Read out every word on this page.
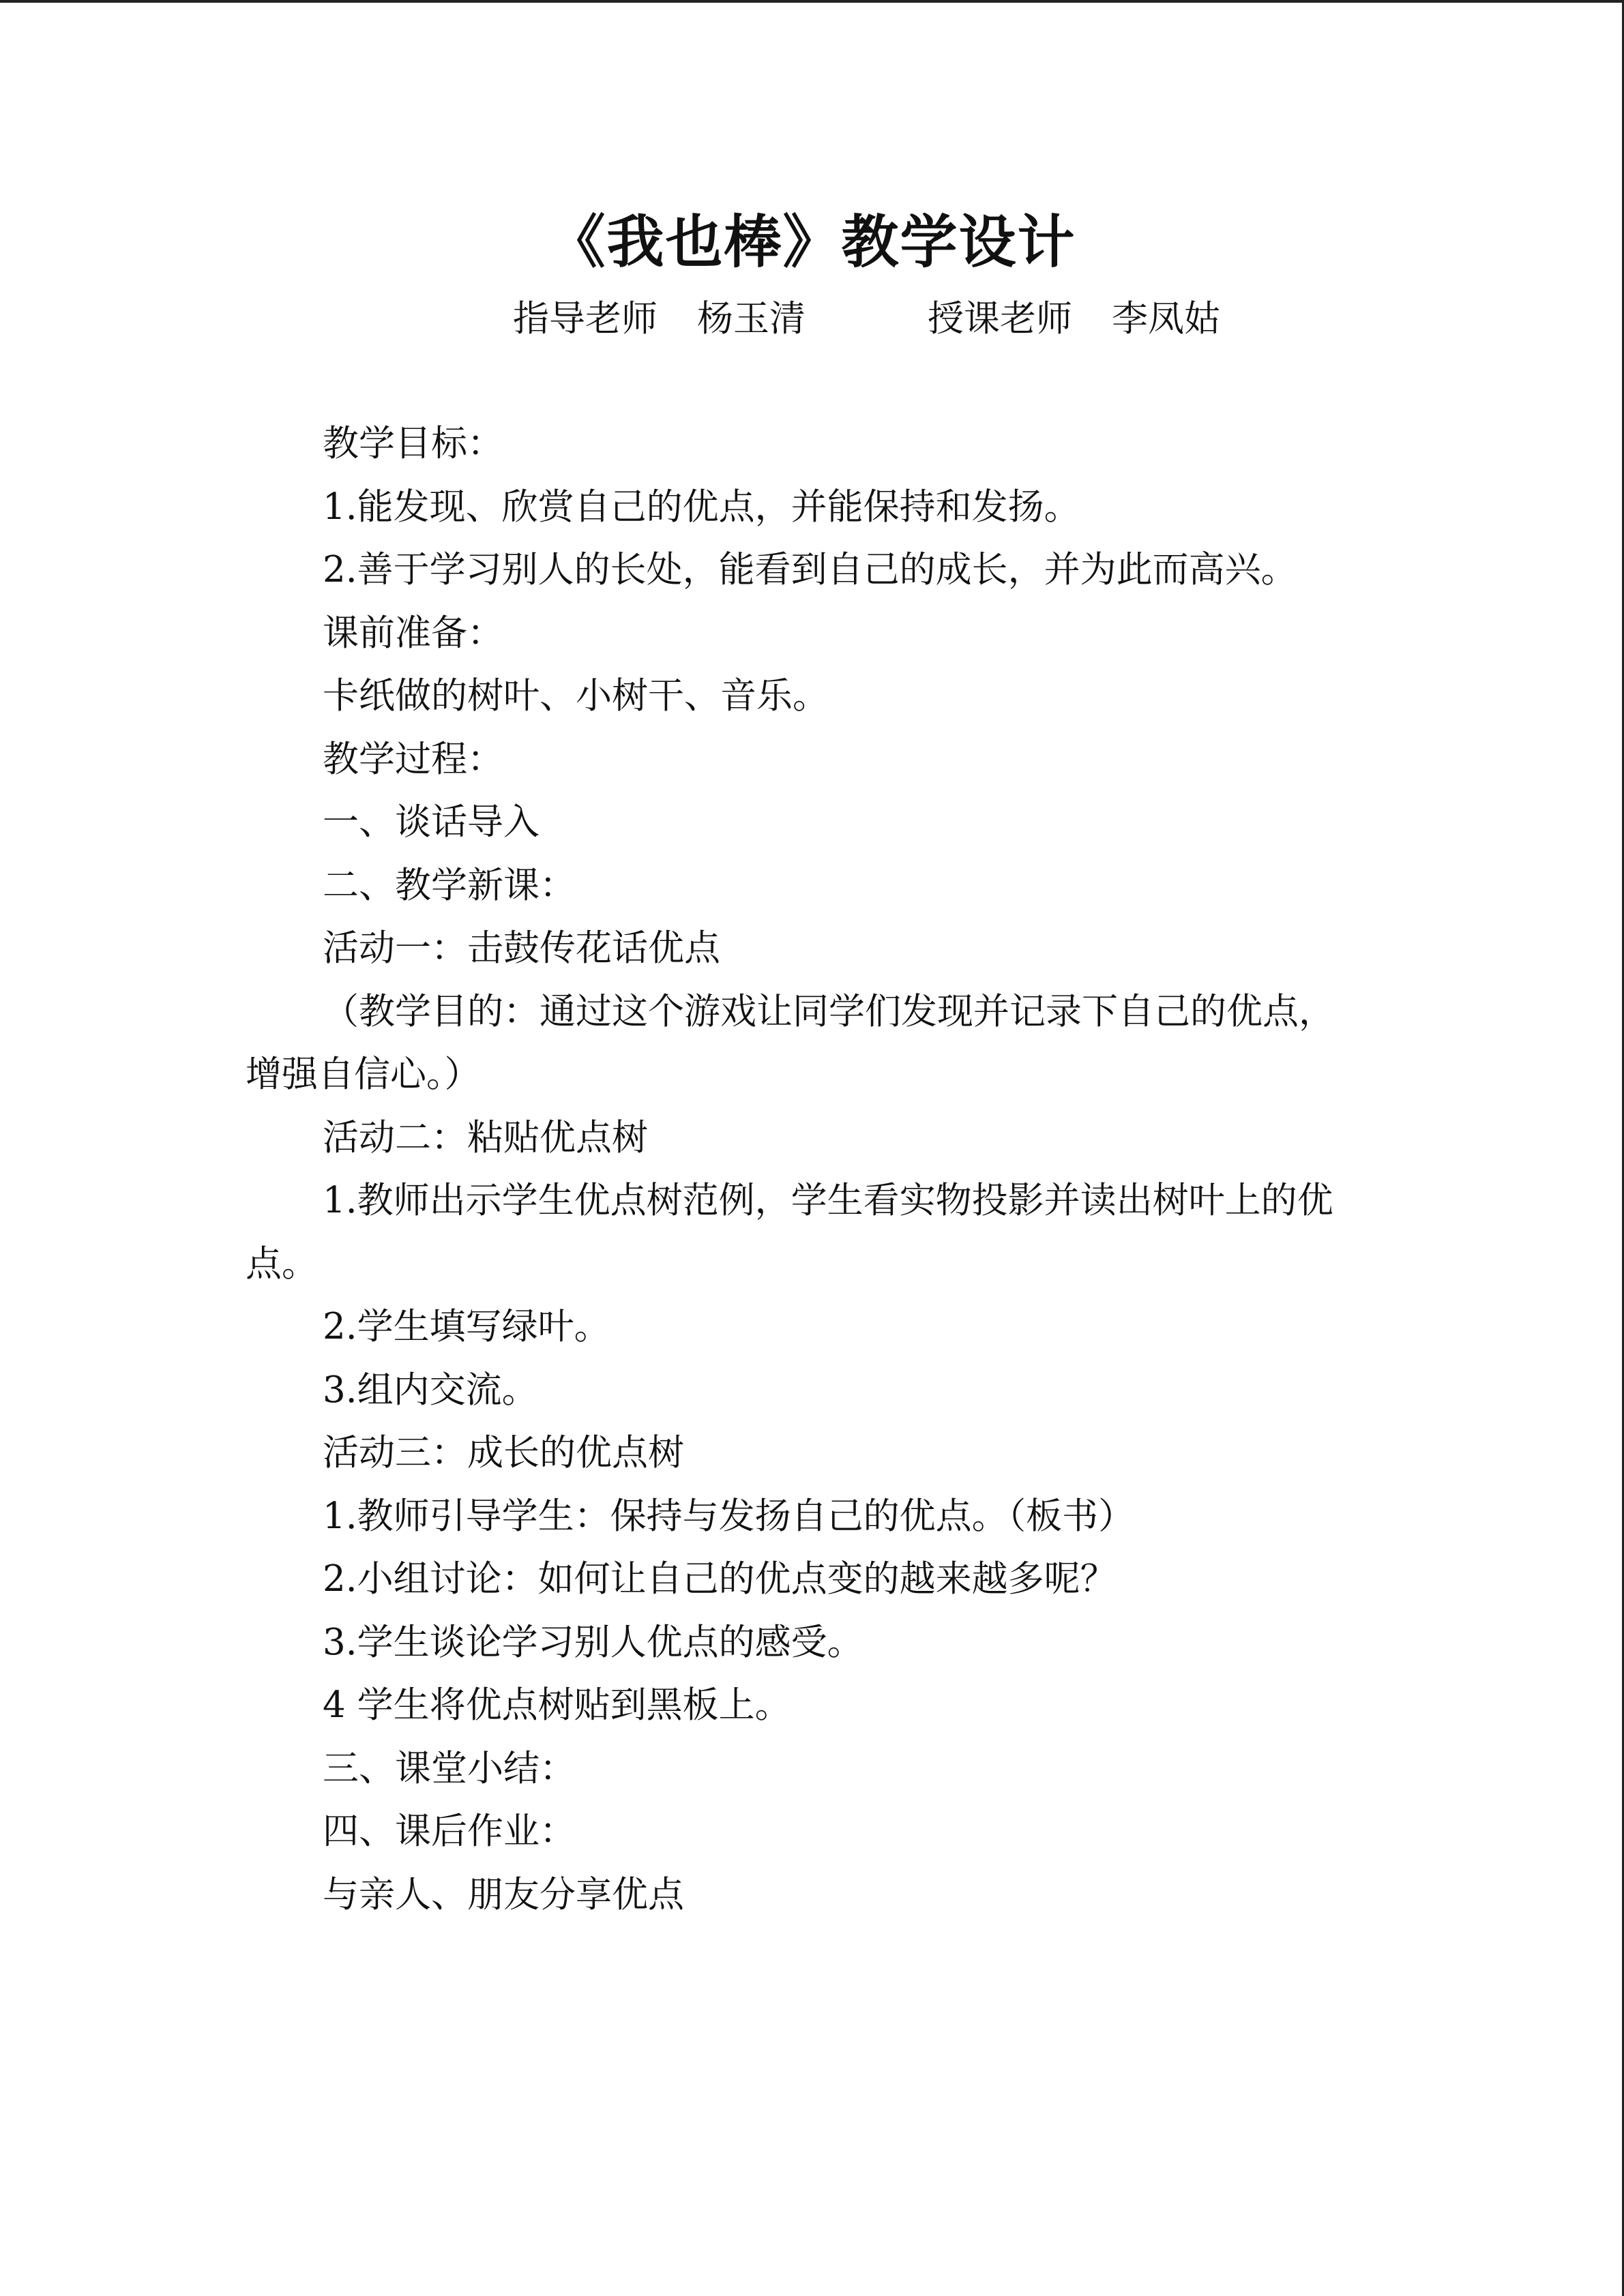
《我也棒》教学设计
指导老师 杨玉清	授课老师 李凤姑

教学目标：

1.能发现、欣赏自己的优点，并能保持和发扬。

2.善于学习别人的长处，能看到自己的成长，并为此而高兴。

课前准备：

卡纸做的树叶、小树干、音乐。

教学过程：

一、谈话导入

二、教学新课：

活动一：击鼓传花话优点

（教学目的：通过这个游戏让同学们发现并记录下自己的优点，增强自信心。）

活动二：粘贴优点树

1.教师出示学生优点树范例，学生看实物投影并读出树叶上的优点。

2.学生填写绿叶。

3.组内交流。

活动三：成长的优点树

1.教师引导学生：保持与发扬自己的优点。（板书）

2.小组讨论：如何让自己的优点变的越来越多呢？

3.学生谈论学习别人优点的感受。

4 学生将优点树贴到黑板上。

三、课堂小结：

四、课后作业：

与亲人、朋友分享优点
